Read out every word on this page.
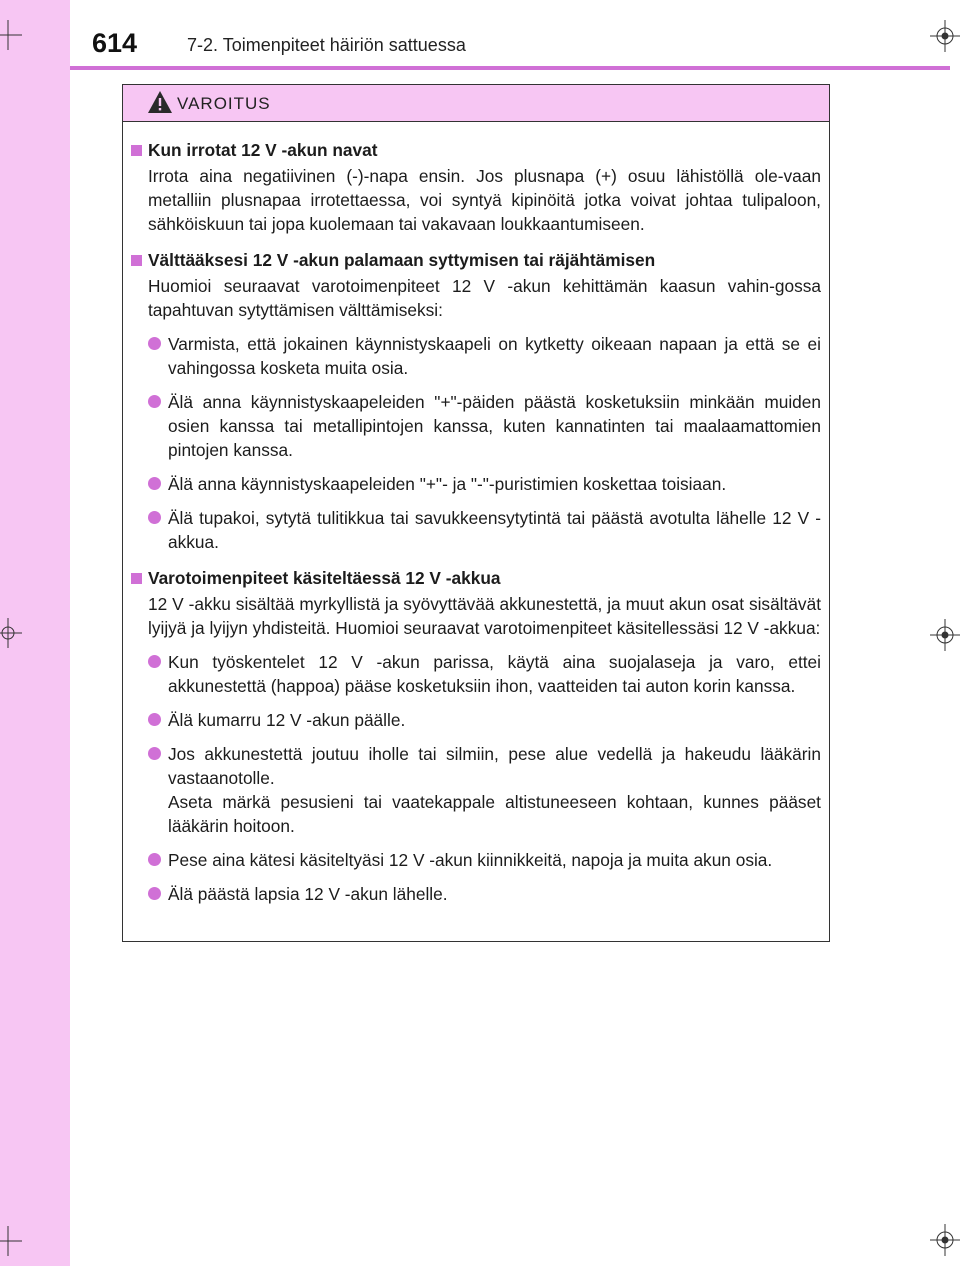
614	7-2. Toimenpiteet häiriön sattuessa
VAROITUS
Kun irrotat 12 V -akun navat
Irrota aina negatiivinen (-)-napa ensin. Jos plusnapa (+) osuu lähistöllä ole-vaan metalliin plusnapaa irrotettaessa, voi syntyä kipinöitä jotka voivat johtaa tulipaloon, sähköiskuun tai jopa kuolemaan tai vakavaan loukkaantumiseen.
Välttääksesi 12 V -akun palamaan syttymisen tai räjähtämisen
Huomioi seuraavat varotoimenpiteet 12 V -akun kehittämän kaasun vahin-gossa tapahtuvan sytyttämisen välttämiseksi:
Varmista, että jokainen käynnistyskaapeli on kytketty oikeaan napaan ja että se ei vahingossa kosketa muita osia.
Älä anna käynnistyskaapeleiden "+"-päiden päästä kosketuksiin minkään muiden osien kanssa tai metallipintojen kanssa, kuten kannatinten tai maalaamattomien pintojen kanssa.
Älä anna käynnistyskaapeleiden "+"- ja "-"-puristimien koskettaa toisiaan.
Älä tupakoi, sytytä tulitikkua tai savukkeensytytintä tai päästä avotulta lähelle 12 V -akkua.
Varotoimenpiteet käsiteltäessä 12 V -akkua
12 V -akku sisältää myrkyllistä ja syövyttävää akkunestettä, ja muut akun osat sisältävät lyijyä ja lyijyn yhdisteitä. Huomioi seuraavat varotoimenpiteet käsitellessäsi 12 V -akkua:
Kun työskentelet 12 V -akun parissa, käytä aina suojalaseja ja varo, ettei akkunestettä (happoa) pääse kosketuksiin ihon, vaatteiden tai auton korin kanssa.
Älä kumarru 12 V -akun päälle.
Jos akkunestettä joutuu iholle tai silmiin, pese alue vedellä ja hakeudu lääkärin vastaanotolle.
Aseta märkä pesusieni tai vaatekappale altistuneeseen kohtaan, kunnes pääset lääkärin hoitoon.
Pese aina kätesi käsiteltyäsi 12 V -akun kiinnikkeitä, napoja ja muita akun osia.
Älä päästä lapsia 12 V -akun lähelle.
